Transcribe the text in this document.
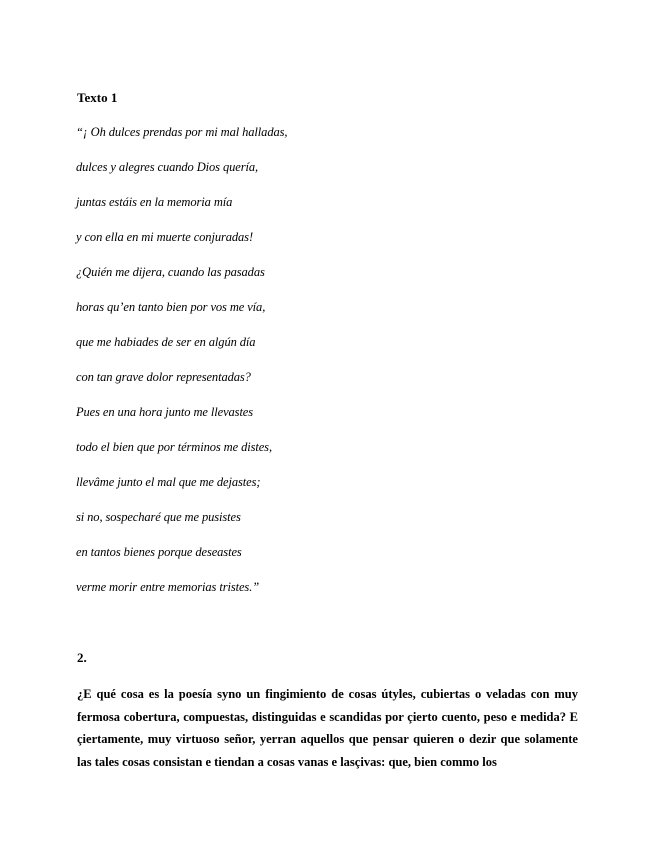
Texto 1
“¡ Oh dulces prendas por mi mal halladas,
dulces y alegres cuando Dios quería,
juntas estáis en la memoria mía
y con ella en mi muerte conjuradas!
¿Quién me dijera, cuando las pasadas
horas qu’en tanto bien por vos me vía,
que me habiades de ser en algún día
con tan grave dolor representadas?
Pues en una hora junto me llevastes
todo el bien que por términos me distes,
llevâme junto el mal que me dejastes;
si no, sospecharé que me pusistes
en tantos bienes porque deseastes
verme morir entre memorias tristes.”
2.
¿E qué cosa es la poesía syno un fingimiento de cosas útyles, cubiertas o veladas con muy fermosa cobertura, compuestas, distinguidas e scandidas por çierto cuento, peso e medida? E çiertamente, muy virtuoso señor, yerran aquellos que pensar quieren o dezir que solamente las tales cosas consistan e tiendan a cosas vanas e lasçivas: que, bien commo los
